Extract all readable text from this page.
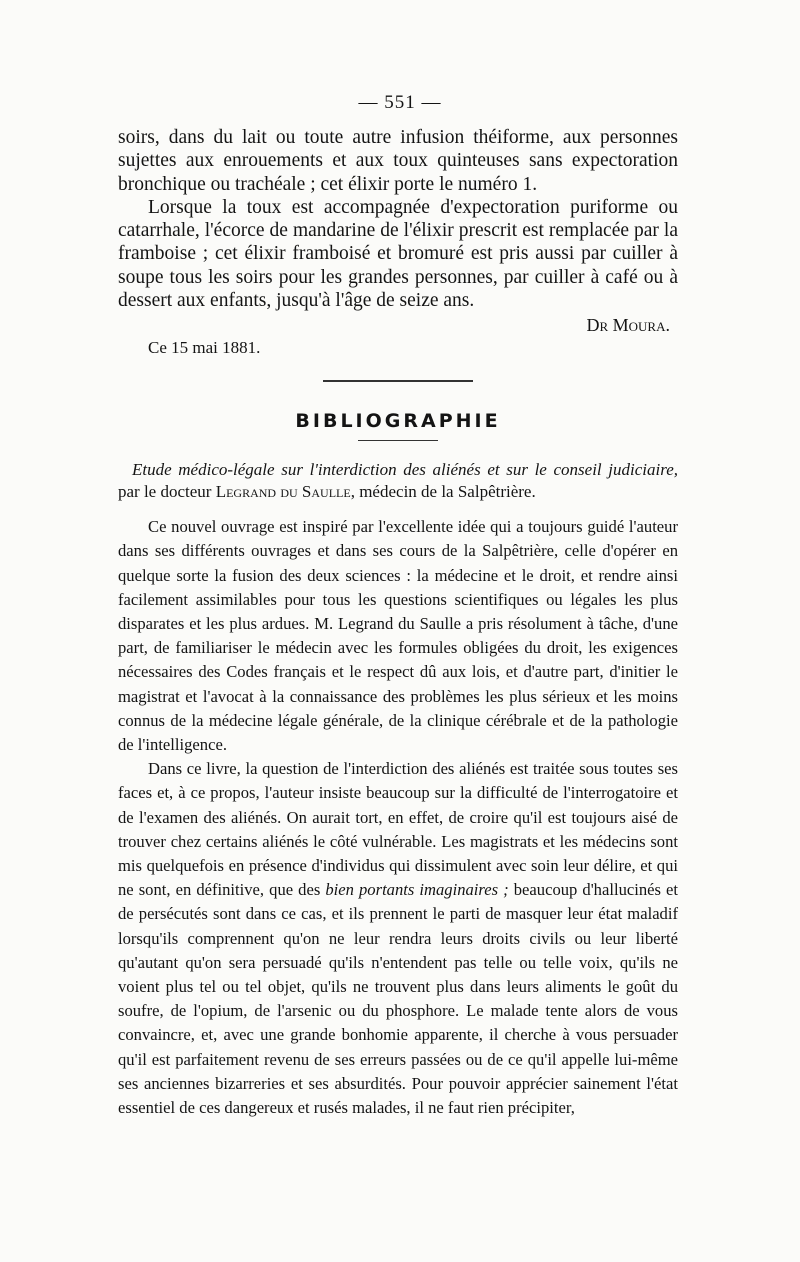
— 551 —

soirs, dans du lait ou toute autre infusion théiforme, aux personnes sujettes aux enrouements et aux toux quinteuses sans expectoration bronchique ou trachéale ; cet élixir porte le numéro 1.

Lorsque la toux est accompagnée d'expectoration puriforme ou catarrhale, l'écorce de mandarine de l'élixir prescrit est remplacée par la framboise ; cet élixir framboisé et bromuré est pris aussi par cuiller à soupe tous les soirs pour les grandes personnes, par cuiller à café ou à dessert aux enfants, jusqu'à l'âge de seize ans.

Dr Moura.

Ce 15 mai 1881.

BIBLIOGRAPHIE

Etude médico-légale sur l'interdiction des aliénés et sur le conseil judiciaire, par le docteur Legrand du Saulle, médecin de la Salpêtrière.

Ce nouvel ouvrage est inspiré par l'excellente idée qui a toujours guidé l'auteur dans ses différents ouvrages et dans ses cours de la Salpêtrière, celle d'opérer en quelque sorte la fusion des deux sciences : la médecine et le droit, et rendre ainsi facilement assimilables pour tous les questions scientifiques ou légales les plus disparates et les plus ardues. M. Legrand du Saulle a pris résolument à tâche, d'une part, de familiariser le médecin avec les formules obligées du droit, les exigences nécessaires des Codes français et le respect dû aux lois, et d'autre part, d'initier le magistrat et l'avocat à la connaissance des problèmes les plus sérieux et les moins connus de la médecine légale générale, de la clinique cérébrale et de la pathologie de l'intelligence.

Dans ce livre, la question de l'interdiction des aliénés est traitée sous toutes ses faces et, à ce propos, l'auteur insiste beaucoup sur la difficulté de l'interrogatoire et de l'examen des aliénés. On aurait tort, en effet, de croire qu'il est toujours aisé de trouver chez certains aliénés le côté vulnérable. Les magistrats et les médecins sont mis quelquefois en présence d'individus qui dissimulent avec soin leur délire, et qui ne sont, en définitive, que des bien portants imaginaires ; beaucoup d'hallucinés et de persécutés sont dans ce cas, et ils prennent le parti de masquer leur état maladif lorsqu'ils comprennent qu'on ne leur rendra leurs droits civils ou leur liberté qu'autant qu'on sera persuadé qu'ils n'entendent pas telle ou telle voix, qu'ils ne voient plus tel ou tel objet, qu'ils ne trouvent plus dans leurs aliments le goût du soufre, de l'opium, de l'arsenic ou du phosphore. Le malade tente alors de vous convaincre, et, avec une grande bonhomie apparente, il cherche à vous persuader qu'il est parfaitement revenu de ses erreurs passées ou de ce qu'il appelle lui-même ses anciennes bizarreries et ses absurdités. Pour pouvoir apprécier sainement l'état essentiel de ces dangereux et rusés malades, il ne faut rien précipiter,
